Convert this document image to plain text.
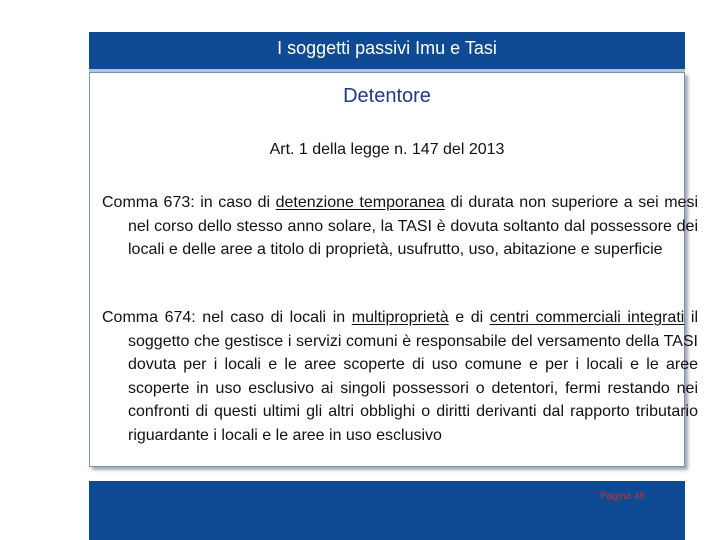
I soggetti passivi Imu e Tasi
Detentore
Art. 1 della legge n. 147 del 2013
Comma 673: in caso di detenzione temporanea di durata non superiore a sei mesi nel corso dello stesso anno solare, la TASI è dovuta soltanto dal possessore dei locali e delle aree a titolo di proprietà, usufrutto, uso, abitazione e superficie
Comma 674: nel caso di locali in multiproprietà e di centri commerciali integrati il soggetto che gestisce i servizi comuni è responsabile del versamento della TASI dovuta per i locali e le aree scoperte di uso comune e per i locali e le aree scoperte in uso esclusivo ai singoli possessori o detentori, fermi restando nei confronti di questi ultimi gli altri obblighi o diritti derivanti dal rapporto tributario riguardante i locali e le aree in uso esclusivo
Pagina 48
